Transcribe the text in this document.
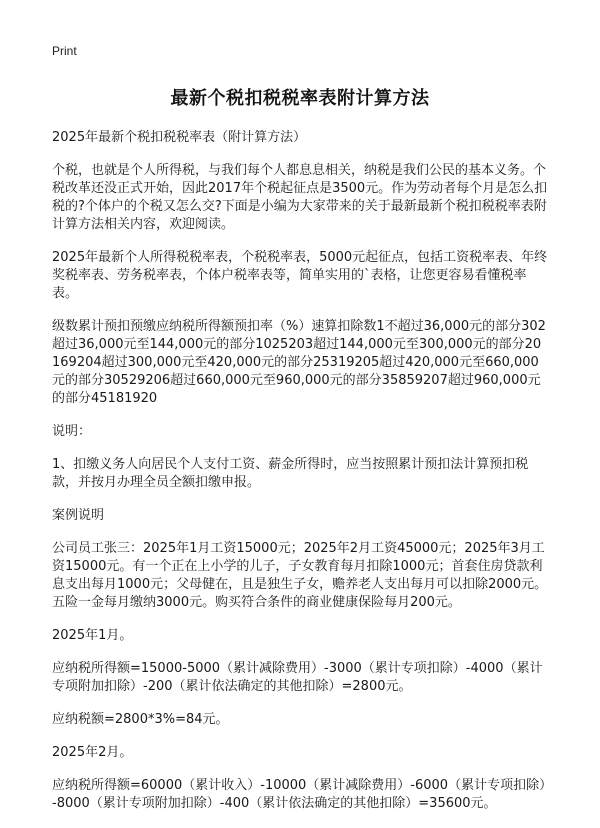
Print
最新个税扣税税率表附计算方法

2025年最新个税扣税税率表（附计算方法）

个税，也就是个人所得税，与我们每个人都息息相关，纳税是我们公民的基本义务。个税改革还没正式开始，因此2017年个税起征点是3500元。作为劳动者每个月是怎么扣税的?个体户的个税又怎么交?下面是小编为大家带来的关于最新最新个税扣税税率表附计算方法相关内容，欢迎阅读。

2025年最新个人所得税税率表，个税税率表，5000元起征点，包括工资税率表、年终奖税率表、劳务税率表，个体户税率表等，简单实用的`表格，让您更容易看懂税率表。

级数累计预扣预缴应纳税所得额预扣率（%）速算扣除数1不超过36,000元的部分302超过36,000元至144,000元的部分1025203超过144,000元至300,000元的部分20169204超过300,000元至420,000元的部分25319205超过420,000元至660,000元的部分30529206超过660,000元至960,000元的部分35859207超过960,000元的部分45181920

说明：

1、扣缴义务人向居民个人支付工资、薪金所得时，应当按照累计预扣法计算预扣税款，并按月办理全员全额扣缴申报。

案例说明

公司员工张三：2025年1月工资15000元；2025年2月工资45000元；2025年3月工资15000元。有一个正在上小学的儿子，子女教育每月扣除1000元；首套住房贷款利息支出每月1000元；父母健在，且是独生子女，赡养老人支出每月可以扣除2000元。五险一金每月缴纳3000元。购买符合条件的商业健康保险每月200元。

2025年1月。

应纳税所得额=15000-5000（累计减除费用）-3000（累计专项扣除）-4000（累计专项附加扣除）-200（累计依法确定的其他扣除）=2800元。

应纳税额=2800*3%=84元。

2025年2月。

应纳税所得额=60000（累计收入）-10000（累计减除费用）-6000（累计专项扣除）-8000（累计专项附加扣除）-400（累计依法确定的其他扣除）=35600元。
